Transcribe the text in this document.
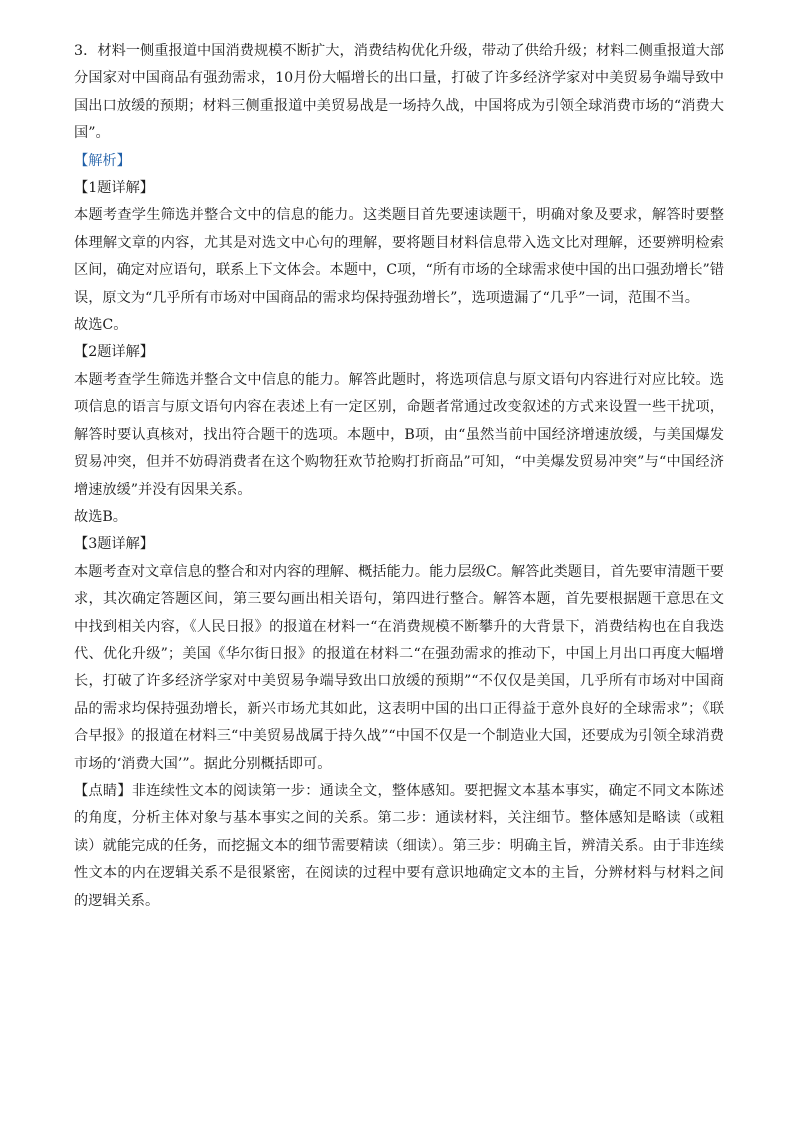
3．材料一侧重报道中国消费规模不断扩大，消费结构优化升级，带动了供给升级；材料二侧重报道大部分国家对中国商品有强劲需求，10月份大幅增长的出口量，打破了许多经济学家对中美贸易争端导致中国出口放缓的预期；材料三侧重报道中美贸易战是一场持久战，中国将成为引领全球消费市场的“消费大国”。

【解析】

【1题详解】

本题考查学生筛选并整合文中的信息的能力。这类题目首先要速读题干，明确对象及要求，解答时要整体理解文章的内容，尤其是对选文中心句的理解，要将题目材料信息带入选文比对理解，还要辨明检索区间，确定对应语句，联系上下文体会。本题中，C项，“所有市场的全球需求使中国的出口强劲增长”错误，原文为“几乎所有市场对中国商品的需求均保持强劲增长”，选项遗漏了“几乎”一词，范围不当。

故选C。

【2题详解】

本题考查学生筛选并整合文中信息的能力。解答此题时，将选项信息与原文语句内容进行对应比较。选项信息的语言与原文语句内容在表述上有一定区别，命题者常通过改变叙述的方式来设置一些干扰项，解答时要认真核对，找出符合题干的选项。本题中，B项，由“虽然当前中国经济增速放缓，与美国爆发贸易冲突，但并不妨碍消费者在这个购物狂欢节抢购打折商品”可知，“中美爆发贸易冲突”与“中国经济增速放缓”并没有因果关系。

故选B。

【3题详解】

本题考查对文章信息的整合和对内容的理解、概括能力。能力层级C。解答此类题目，首先要审清题干要求，其次确定答题区间，第三要勾画出相关语句，第四进行整合。解答本题，首先要根据题干意思在文中找到相关内容，《人民日报》的报道在材料一“在消费规模不断攀升的大背景下，消费结构也在自我迭代、优化升级”；美国《华尔街日报》的报道在材料二“在强劲需求的推动下，中国上月出口再度大幅增长，打破了许多经济学家对中美贸易争端导致出口放缓的预期”“不仅仅是美国，几乎所有市场对中国商品的需求均保持强劲增长，新兴市场尤其如此，这表明中国的出口正得益于意外良好的全球需求”；《联合早报》的报道在材料三“中美贸易战属于持久战”“中国不仅是一个制造业大国，还要成为引领全球消费市场的‘消费大国’”。据此分别概括即可。

【点睛】非连续性文本的阅读第一步：通读全文，整体感知。要把握文本基本事实，确定不同文本陈述的角度，分析主体对象与基本事实之间的关系。第二步：通读材料，关注细节。整体感知是略读（或粗读）就能完成的任务，而挖掘文本的细节需要精读（细读）。第三步：明确主旨，辨清关系。由于非连续性文本的内在逻辑关系不是很紧密，在阅读的过程中要有意识地确定文本的主旨，分辨材料与材料之间的逻辑关系。
